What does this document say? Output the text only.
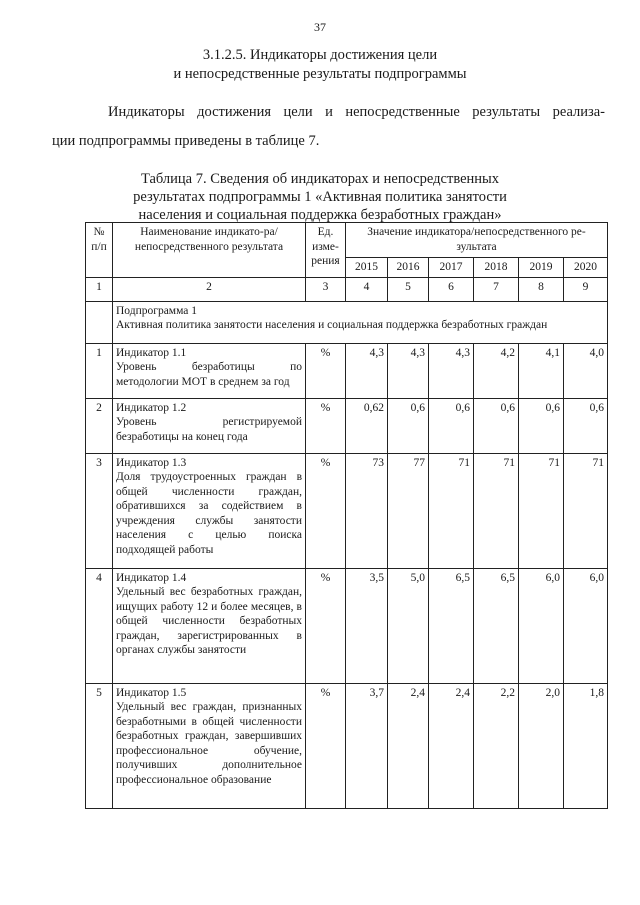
37
3.1.2.5. Индикаторы достижения цели
и непосредственные результаты подпрограммы
Индикаторы достижения цели и непосредственные результаты реализа-
ции подпрограммы приведены в таблице 7.
Таблица 7. Сведения об индикаторах и непосредственных
результатах подпрограммы 1 «Активная политика занятости
населения и социальная поддержка безработных граждан»
№ п/п	Наименование индикато-ра/непосредственного результата	Ед. изме-рения	Значение индикатора/непосредственного ре-зультата					
			2015	2016	2017	2018	2019	2020
1	2	3	4	5	6	7	8	9

	Подпрограмма 1
Активная политика занятости населения и социальная поддержка безработных граждан							

1	Индикатор 1.1
Уровень безработицы по методологии МОТ в среднем за год	%	4,3	4,3	4,3	4,2	4,1	4,0
2	Индикатор 1.2
Уровень регистрируемой безработицы на конец года	%	0,62	0,6	0,6	0,6	0,6	0,6
3	Индикатор 1.3
Доля трудоустроенных граждан в общей численности граждан, обратившихся за содействием в учреждения службы занятости населения с целью поиска подходящей работы	%	73	77	71	71	71	71
4	Индикатор 1.4
Удельный вес безработных граждан, ищущих работу 12 и более месяцев, в общей численности безработных граждан, зарегистрированных в органах службы занятости	%	3,5	5,0	6,5	6,5	6,0	6,0
5	Индикатор 1.5
Удельный вес граждан, признанных безработными в общей численности безработных граждан, завершивших профессиональное обучение, получивших дополнительное профессиональное образование	%	3,7	2,4	2,4	2,2	2,0	1,8
